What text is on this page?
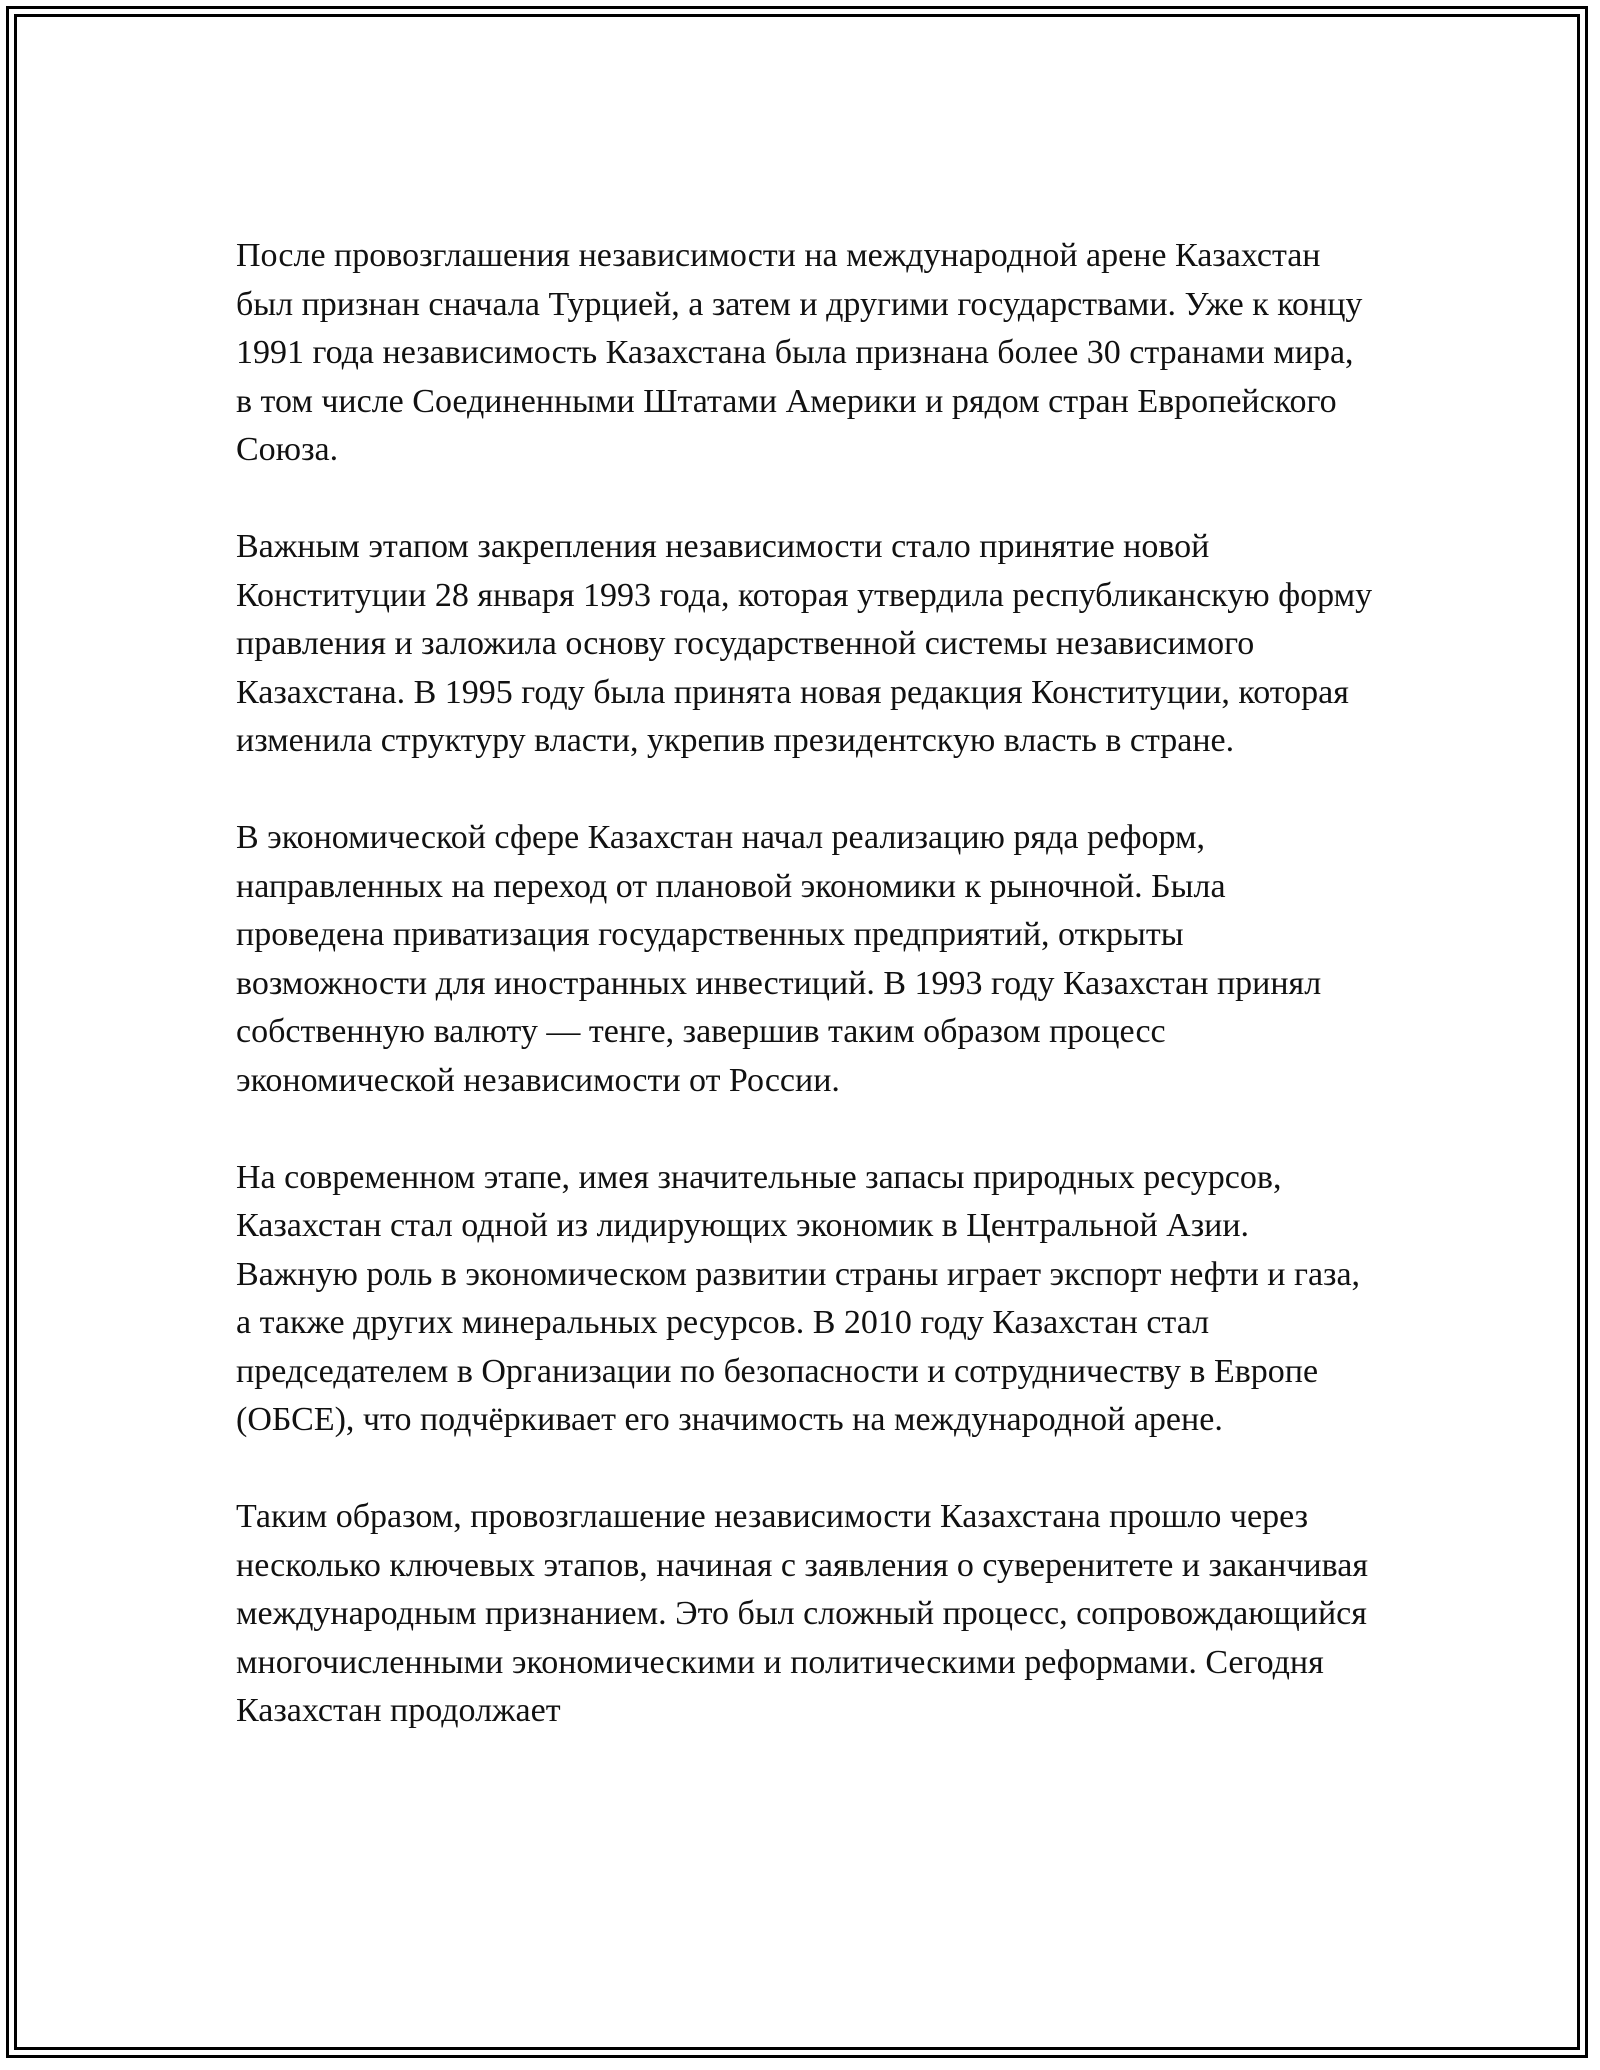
После провозглашения независимости на международной арене Казахстан был признан сначала Турцией, а затем и другими государствами. Уже к концу 1991 года независимость Казахстана была признана более 30 странами мира, в том числе Соединенными Штатами Америки и рядом стран Европейского Союза.

Важным этапом закрепления независимости стало принятие новой Конституции 28 января 1993 года, которая утвердила республиканскую форму правления и заложила основу государственной системы независимого Казахстана. В 1995 году была принята новая редакция Конституции, которая изменила структуру власти, укрепив президентскую власть в стране.

В экономической сфере Казахстан начал реализацию ряда реформ, направленных на переход от плановой экономики к рыночной. Была проведена приватизация государственных предприятий, открыты возможности для иностранных инвестиций. В 1993 году Казахстан принял собственную валюту — тенге, завершив таким образом процесс экономической независимости от России.

На современном этапе, имея значительные запасы природных ресурсов, Казахстан стал одной из лидирующих экономик в Центральной Азии. Важную роль в экономическом развитии страны играет экспорт нефти и газа, а также других минеральных ресурсов. В 2010 году Казахстан стал председателем в Организации по безопасности и сотрудничеству в Европе (ОБСЕ), что подчёркивает его значимость на международной арене.

Таким образом, провозглашение независимости Казахстана прошло через несколько ключевых этапов, начиная с заявления о суверенитете и заканчивая международным признанием. Это был сложный процесс, сопровождающийся многочисленными экономическими и политическими реформами. Сегодня Казахстан продолжает
